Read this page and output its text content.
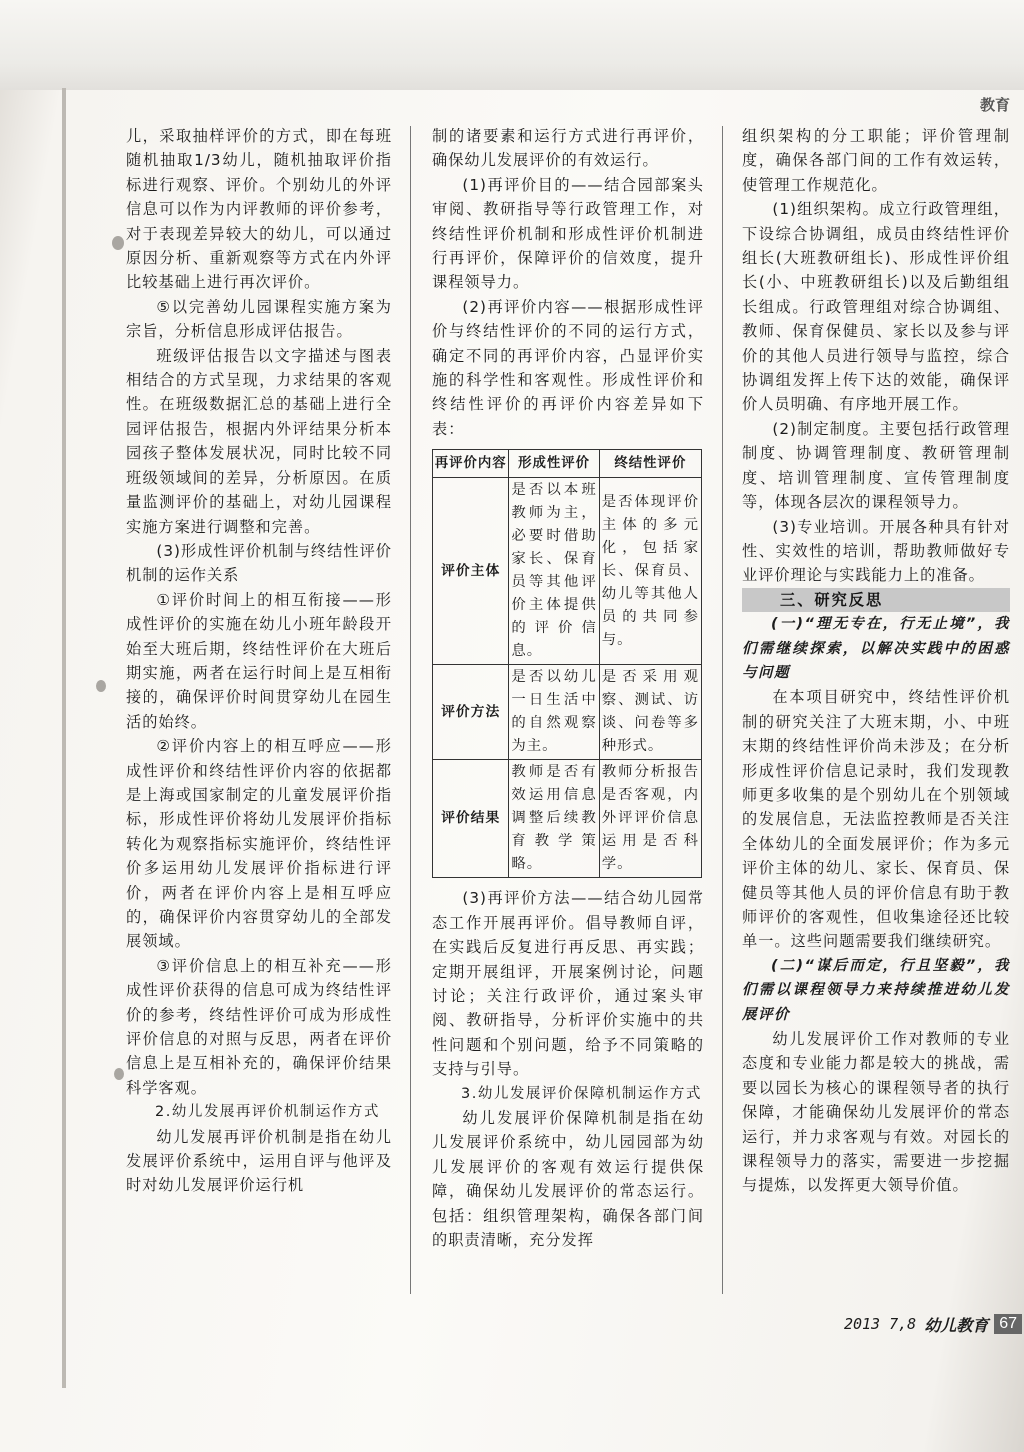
教育

儿，采取抽样评价的方式，即在每班随机抽取1/3幼儿，随机抽取评价指标进行观察、评价。个别幼儿的外评信息可以作为内评教师的评价参考，对于表现差异较大的幼儿，可以通过原因分析、重新观察等方式在内外评比较基础上进行再次评价。

⑤以完善幼儿园课程实施方案为宗旨，分析信息形成评估报告。

班级评估报告以文字描述与图表相结合的方式呈现，力求结果的客观性。在班级数据汇总的基础上进行全园评估报告，根据内外评结果分析本园孩子整体发展状况，同时比较不同班级领域间的差异，分析原因。在质量监测评价的基础上，对幼儿园课程实施方案进行调整和完善。

(3)形成性评价机制与终结性评价机制的运作关系

①评价时间上的相互衔接——形成性评价的实施在幼儿小班年龄段开始至大班后期，终结性评价在大班后期实施，两者在运行时间上是互相衔接的，确保评价时间贯穿幼儿在园生活的始终。

②评价内容上的相互呼应——形成性评价和终结性评价内容的依据都是上海或国家制定的儿童发展评价指标，形成性评价将幼儿发展评价指标转化为观察指标实施评价，终结性评价多运用幼儿发展评价指标进行评价，两者在评价内容上是相互呼应的，确保评价内容贯穿幼儿的全部发展领域。

③评价信息上的相互补充——形成性评价获得的信息可成为终结性评价的参考，终结性评价可成为形成性评价信息的对照与反思，两者在评价信息上是互相补充的，确保评价结果科学客观。

2.幼儿发展再评价机制运作方式

幼儿发展再评价机制是指在幼儿发展评价系统中，运用自评与他评及时对幼儿发展评价运行机

制的诸要素和运行方式进行再评价，确保幼儿发展评价的有效运行。

(1)再评价目的——结合园部案头审阅、教研指导等行政管理工作，对终结性评价机制和形成性评价机制进行再评价，保障评价的信效度，提升课程领导力。

(2)再评价内容——根据形成性评价与终结性评价的不同的运行方式，确定不同的再评价内容，凸显评价实施的科学性和客观性。形成性评价和终结性评价的再评价内容差异如下表：

再评价内容	形成性评价	终结性评价
评价主体	是否以本班教师为主，必要时借助家长、保育员等其他评价主体提供的评价信息。	是否体现评价主体的多元化，包括家长、保育员、幼儿等其他人员的共同参与。
评价方法	是否以幼儿一日生活中的自然观察为主。	是否采用观察、测试、访谈、问卷等多种形式。
评价结果	教师是否有效运用信息调整后续教育教学策略。	教师分析报告是否客观，内外评评价信息运用是否科学。

(3)再评价方法——结合幼儿园常态工作开展再评价。倡导教师自评，在实践后反复进行再反思、再实践；定期开展组评，开展案例讨论，问题讨论；关注行政评价，通过案头审阅、教研指导，分析评价实施中的共性问题和个别问题，给予不同策略的支持与引导。

3.幼儿发展评价保障机制运作方式

幼儿发展评价保障机制是指在幼儿发展评价系统中，幼儿园园部为幼儿发展评价的客观有效运行提供保障，确保幼儿发展评价的常态运行。包括：组织管理架构，确保各部门间的职责清晰，充分发挥

组织架构的分工职能；评价管理制度，确保各部门间的工作有效运转，使管理工作规范化。

(1)组织架构。成立行政管理组，下设综合协调组，成员由终结性评价组长(大班教研组长)、形成性评价组长(小、中班教研组长)以及后勤组组长组成。行政管理组对综合协调组、教师、保育保健员、家长以及参与评价的其他人员进行领导与监控，综合协调组发挥上传下达的效能，确保评价人员明确、有序地开展工作。

(2)制定制度。主要包括行政管理制度、协调管理制度、教研管理制度、培训管理制度、宣传管理制度等，体现各层次的课程领导力。

(3)专业培训。开展各种具有针对性、实效性的培训，帮助教师做好专业评价理论与实践能力上的准备。

三、研究反思

(一)“理无专在，行无止境”，我们需继续探索，以解决实践中的困惑与问题

在本项目研究中，终结性评价机制的研究关注了大班末期，小、中班末期的终结性评价尚未涉及；在分析形成性评价信息记录时，我们发现教师更多收集的是个别幼儿在个别领域的发展信息，无法监控教师是否关注全体幼儿的全面发展评价；作为多元评价主体的幼儿、家长、保育员、保健员等其他人员的评价信息有助于教师评价的客观性，但收集途径还比较单一。这些问题需要我们继续研究。

(二)“谋后而定，行且坚毅”，我们需以课程领导力来持续推进幼儿发展评价

幼儿发展评价工作对教师的专业态度和专业能力都是较大的挑战，需要以园长为核心的课程领导者的执行保障，才能确保幼儿发展评价的常态运行，并力求客观与有效。对园长的课程领导力的落实，需要进一步挖掘与提炼，以发挥更大领导价值。

2013 7,8 幼儿教育 67
